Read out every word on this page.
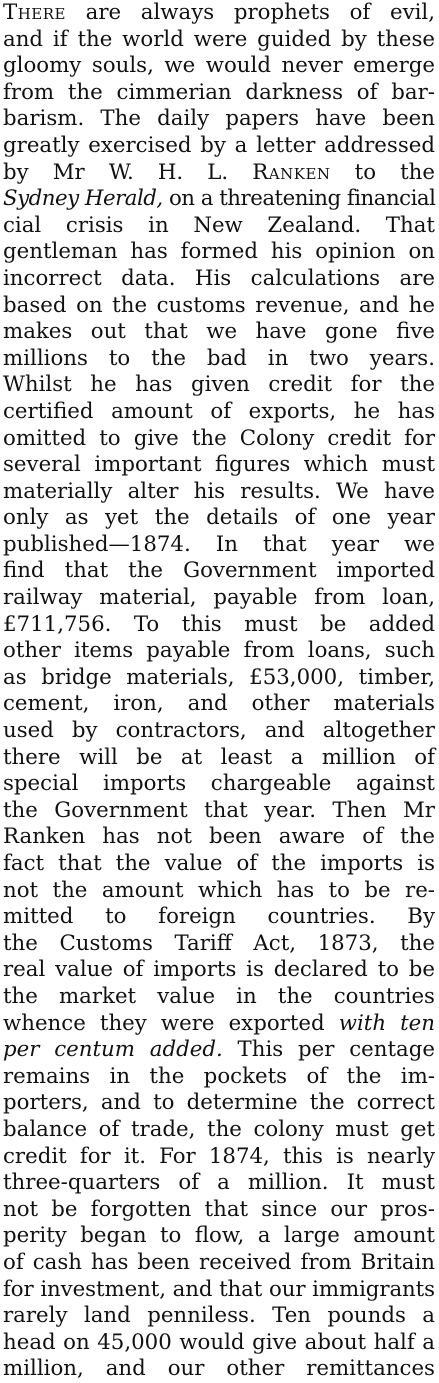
There are always prophets of evil,
and if the world were guided by these
gloomy souls, we would never emerge
from the cimmerian darkness of bar-
barism. The daily papers have been
greatly exercised by a letter addressed
by Mr W. H. L. Ranken to the
Sydney Herald, on a threatening financial
cial crisis in New Zealand. That
gentleman has formed his opinion on
incorrect data. His calculations are
based on the customs revenue, and he
makes out that we have gone five
millions to the bad in two years.
Whilst he has given credit for the
certified amount of exports, he has
omitted to give the Colony credit for
several important figures which must
materially alter his results. We have
only as yet the details of one year
published—1874. In that year we
find that the Government imported
railway material, payable from loan,
£711,756. To this must be added
other items payable from loans, such
as bridge materials, £53,000, timber,
cement, iron, and other materials
used by contractors, and altogether
there will be at least a million of
special imports chargeable against
the Government that year. Then Mr
Ranken has not been aware of the
fact that the value of the imports is
not the amount which has to be re-
mitted to foreign countries. By
the Customs Tariff Act, 1873, the
real value of imports is declared to be
the market value in the countries
whence they were exported with ten
per centum added. This per centage
remains in the pockets of the im-
porters, and to determine the correct
balance of trade, the colony must get
credit for it. For 1874, this is nearly
three-quarters of a million. It must
not be forgotten that since our pros-
perity began to flow, a large amount
of cash has been received from Britain
for investment, and that our immigrants
rarely land penniless. Ten pounds a
head on 45,000 would give about half a
million, and our other remittances
